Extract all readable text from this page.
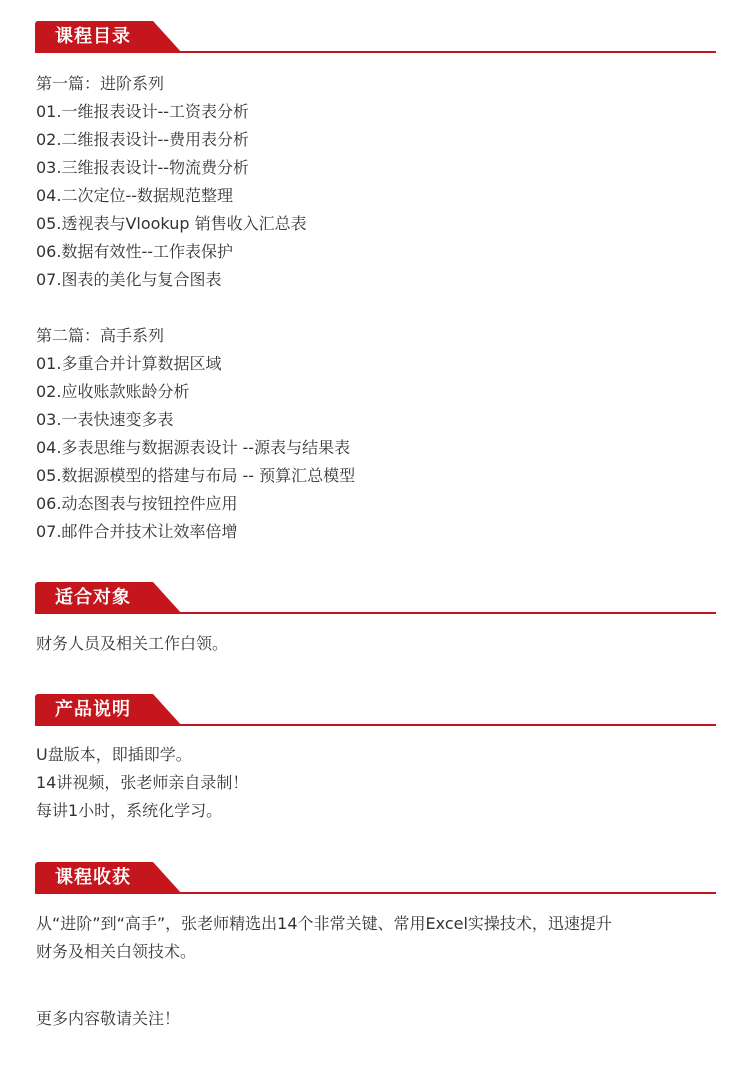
课程目录
第一篇：进阶系列
01.一维报表设计--工资表分析
02.二维报表设计--费用表分析
03.三维报表设计--物流费分析
04.二次定位--数据规范整理
05.透视表与Vlookup 销售收入汇总表
06.数据有效性--工作表保护
07.图表的美化与复合图表
第二篇：高手系列
01.多重合并计算数据区域
02.应收账款账龄分析
03.一表快速变多表
04.多表思维与数据源表设计 --源表与结果表
05.数据源模型的搭建与布局 -- 预算汇总模型
06.动态图表与按钮控件应用
07.邮件合并技术让效率倍增
适合对象
财务人员及相关工作白领。
产品说明
U盘版本，即插即学。
14讲视频，张老师亲自录制！
每讲1小时，系统化学习。
课程收获
从“进阶”到“高手”，张老师精选出14个非常关键、常用Excel实操技术，迅速提升
财务及相关白领技术。
更多内容敬请关注！
